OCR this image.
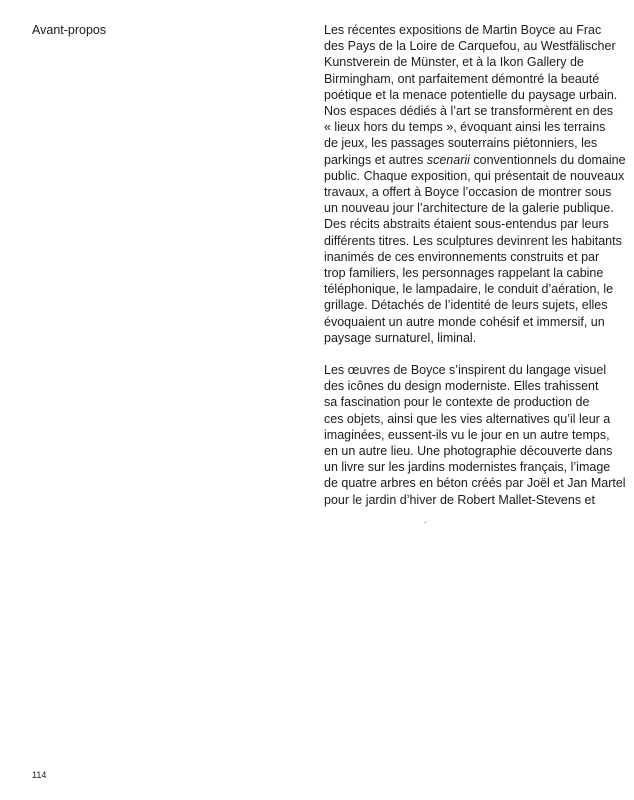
Avant-propos	Les récentes expositions de Martin Boyce au Frac
des Pays de la Loire de Carquefou, au Westfälischer
Kunstverein de Münster, et à la Ikon Gallery de
Birmingham, ont parfaitement démontré la beauté
poétique et la menace potentielle du paysage urbain.
Nos espaces dédiés à l’art se transformèrent en des
« lieux hors du temps », évoquant ainsi les terrains
de jeux, les passages souterrains piétonniers, les
parkings et autres scenarii conventionnels du domaine
public. Chaque exposition, qui présentait de nouveaux
travaux, a offert à Boyce l’occasion de montrer sous
un nouveau jour l’architecture de la galerie publique.
Des récits abstraits étaient sous-entendus par leurs
différents titres. Les sculptures devinrent les habitants
inanimés de ces environnements construits et par
trop familiers, les personnages rappelant la cabine
téléphonique, le lampadaire, le conduit d’aération, le
grillage. Détachés de l’identité de leurs sujets, elles
évoquaient un autre monde cohésif et immersif, un
paysage surnaturel, liminal.

Les œuvres de Boyce s’inspirent du langage visuel
des icônes du design moderniste. Elles trahissent
sa fascination pour le contexte de production de
ces objets, ainsi que les vies alternatives qu’il leur a
imaginées, eussent-ils vu le jour en un autre temps,
en un autre lieu. Une photographie découverte dans
un livre sur les jardins modernistes français, l’image
de quatre arbres en béton créés par Joël et Jan Martel
pour le jardin d’hiver de Robert Mallet-Stevens et

ᐟ
114
